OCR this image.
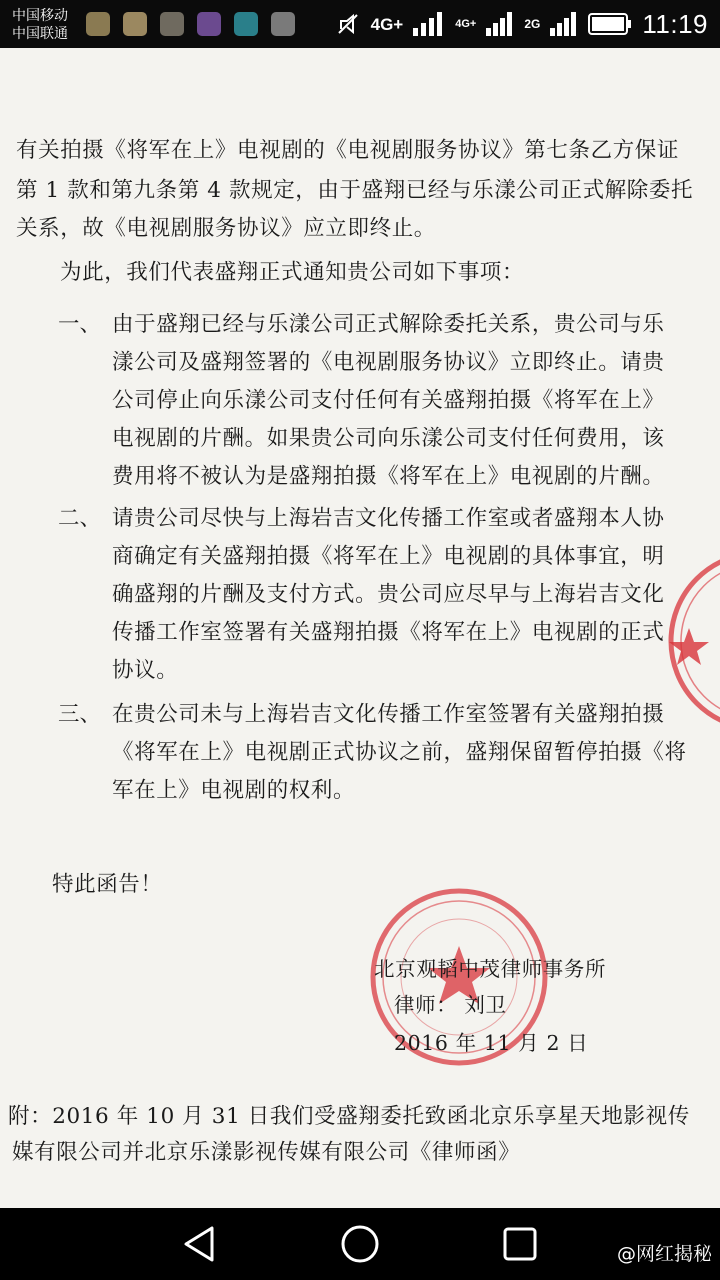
中国移动
中国联通	4G+	4G+	2G	11:19
有关拍摄《将军在上》电视剧的《电视剧服务协议》第七条乙方保证
第 1 款和第九条第 4 款规定，由于盛翔已经与乐漾公司正式解除委托
关系，故《电视剧服务协议》应立即终止。
为此，我们代表盛翔正式通知贵公司如下事项：
一、 由于盛翔已经与乐漾公司正式解除委托关系，贵公司与乐
漾公司及盛翔签署的《电视剧服务协议》立即终止。请贵
公司停止向乐漾公司支付任何有关盛翔拍摄《将军在上》
电视剧的片酬。如果贵公司向乐漾公司支付任何费用，该
费用将不被认为是盛翔拍摄《将军在上》电视剧的片酬。
二、 请贵公司尽快与上海岩吉文化传播工作室或者盛翔本人协
商确定有关盛翔拍摄《将军在上》电视剧的具体事宜，明
确盛翔的片酬及支付方式。贵公司应尽早与上海岩吉文化
传播工作室签署有关盛翔拍摄《将军在上》电视剧的正式
协议。
三、 在贵公司未与上海岩吉文化传播工作室签署有关盛翔拍摄
《将军在上》电视剧正式协议之前，盛翔保留暂停拍摄《将
军在上》电视剧的权利。
特此函告！
北京观韬中茂律师事务所
律师： 刘卫
2016 年 11 月 2 日
附：2016 年 10 月 31 日我们受盛翔委托致函北京乐享星天地影视传
媒有限公司并北京乐漾影视传媒有限公司《律师函》
@网红揭秘
